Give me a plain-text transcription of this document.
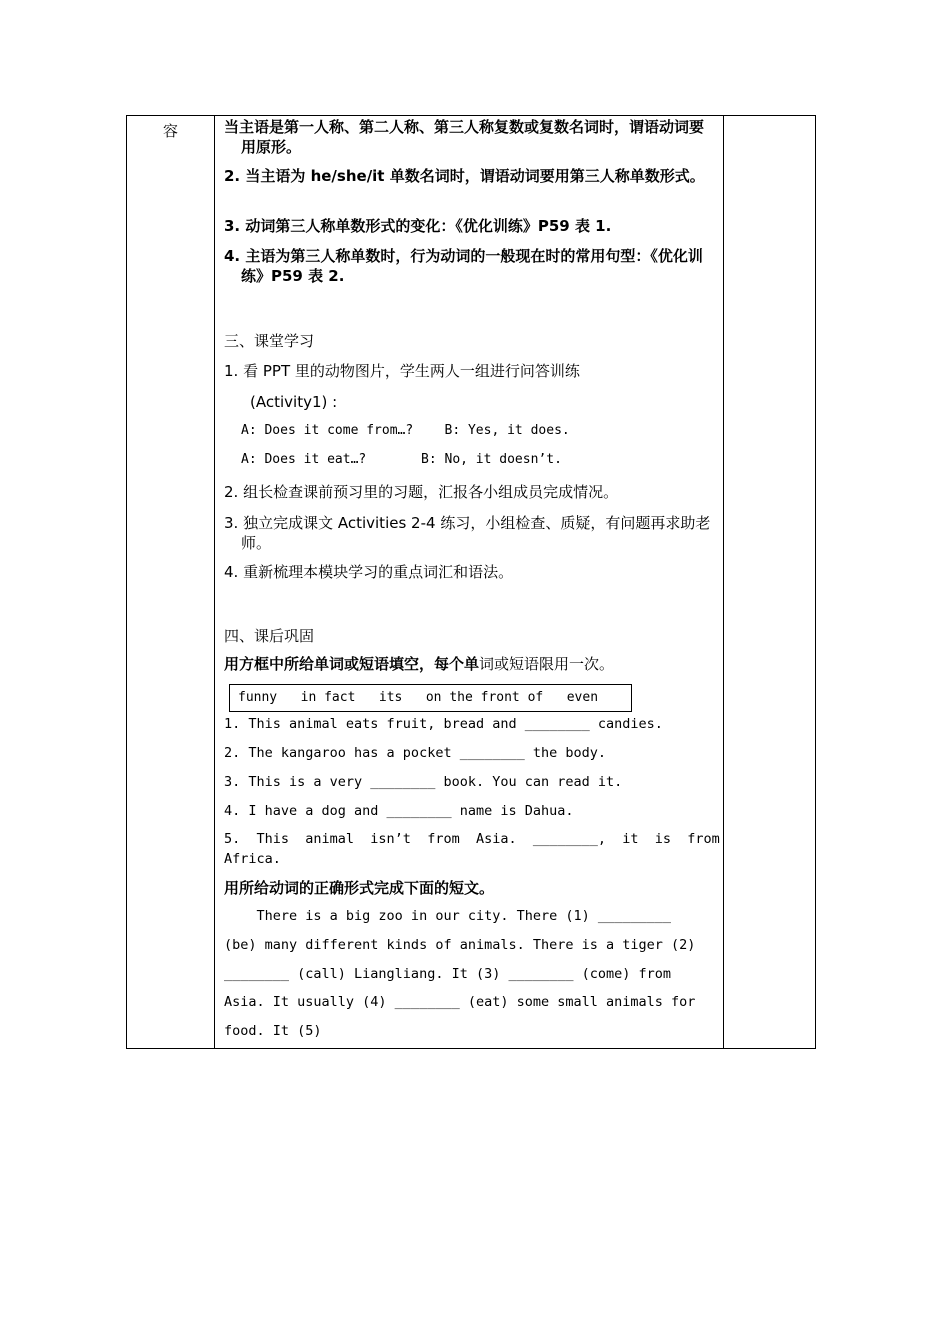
容	当主语是第一人称、第二人称、第三人称复数或复数名词时，谓语动词要用原形。
2. 当主语为 he/she/it 单数名词时，谓语动词要用第三人称单数形式。
3. 动词第三人称单数形式的变化：《优化训练》P59 表 1.
4. 主语为第三人称单数时，行为动词的一般现在时的常用句型：《优化训练》P59 表 2.
三、课堂学习
1. 看 PPT 里的动物图片，学生两人一组进行问答训练
(Activity1) :
A: Does it come from…?    B: Yes, it does.
A: Does it eat…?       B: No, it doesn’t.
2. 组长检查课前预习里的习题，汇报各小组成员完成情况。
3. 独立完成课文 Activities 2-4 练习，小组检查、质疑，有问题再求助老师。
4. 重新梳理本模块学习的重点词汇和语法。
四、课后巩固
用方框中所给单词或短语填空，每个单词或短语限用一次。
funny   in fact   its   on the front of   even
1. This animal eats fruit, bread and ________ candies.
2. The kangaroo has a pocket ________ the body.
3. This is a very ________ book. You can read it.
4. I have a dog and ________ name is Dahua.
5.  This  animal  isn’t  from  Asia.  ________,  it  is  from
Africa.
用所给动词的正确形式完成下面的短文。
There is a big zoo in our city. There (1) _________
(be) many different kinds of animals. There is a tiger (2)
________ (call) Liangliang. It (3) ________ (come) from
Asia. It usually (4) ________ (eat) some small animals for
food. It (5)
